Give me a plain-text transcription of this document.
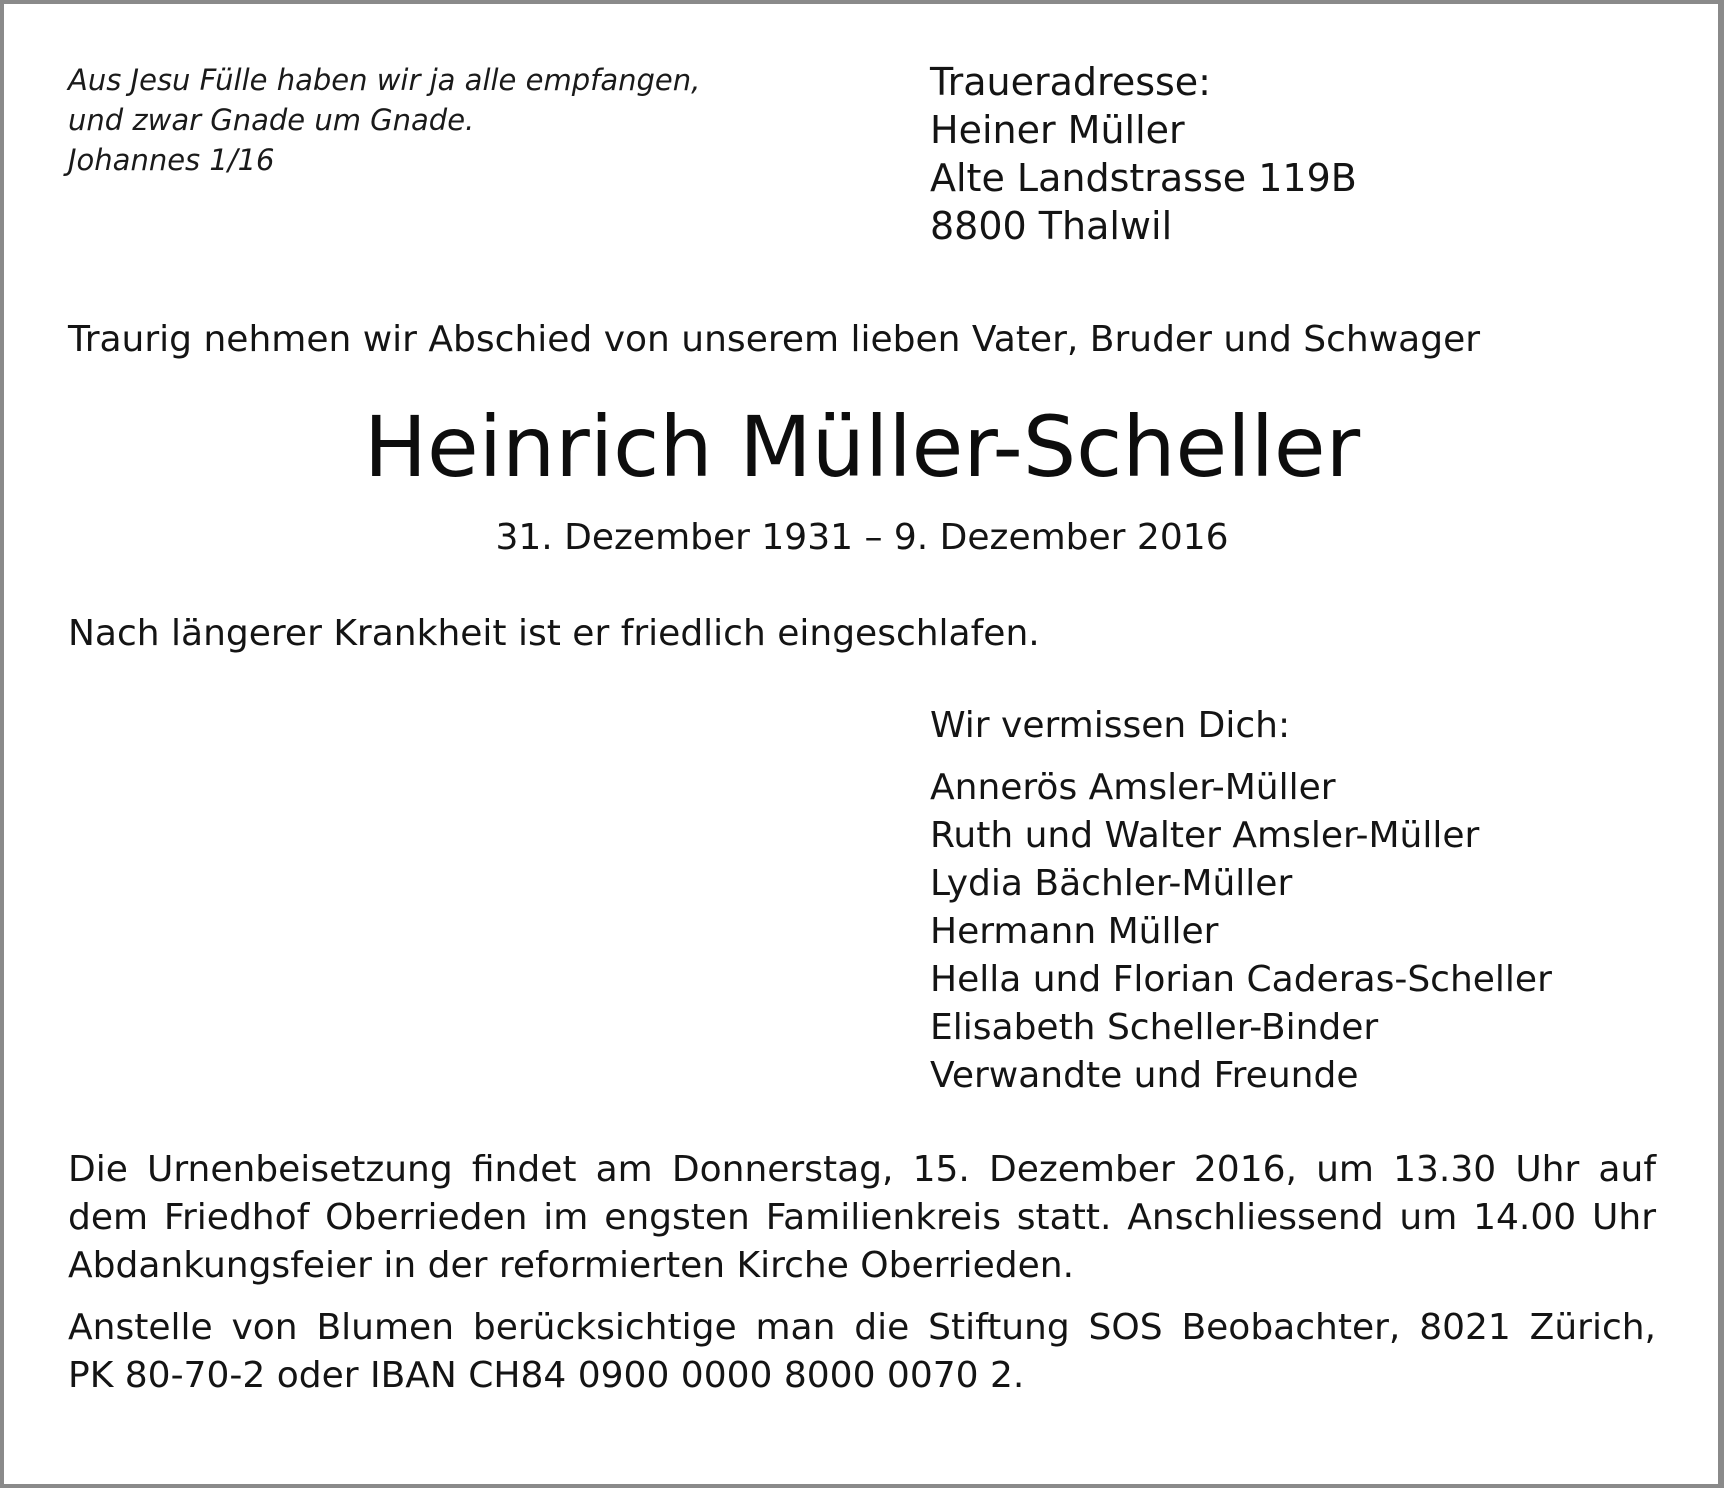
Aus Jesu Fülle haben wir ja alle empfangen,
und zwar Gnade um Gnade.
Johannes 1/16
Traueradresse:
Heiner Müller
Alte Landstrasse 119B
8800 Thalwil
Traurig nehmen wir Abschied von unserem lieben Vater, Bruder und Schwager
Heinrich Müller-Scheller
31. Dezember 1931 – 9. Dezember 2016
Nach längerer Krankheit ist er friedlich eingeschlafen.
Wir vermissen Dich:
Annerös Amsler-Müller
Ruth und Walter Amsler-Müller
Lydia Bächler-Müller
Hermann Müller
Hella und Florian Caderas-Scheller
Elisabeth Scheller-Binder
Verwandte und Freunde
Die Urnenbeisetzung findet am Donnerstag, 15. Dezember 2016, um 13.30 Uhr auf
dem Friedhof Oberrieden im engsten Familienkreis statt. Anschliessend um 14.00 Uhr
Abdankungsfeier in der reformierten Kirche Oberrieden.
Anstelle von Blumen berücksichtige man die Stiftung SOS Beobachter, 8021 Zürich,
PK 80-70-2 oder IBAN CH84 0900 0000 8000 0070 2.
